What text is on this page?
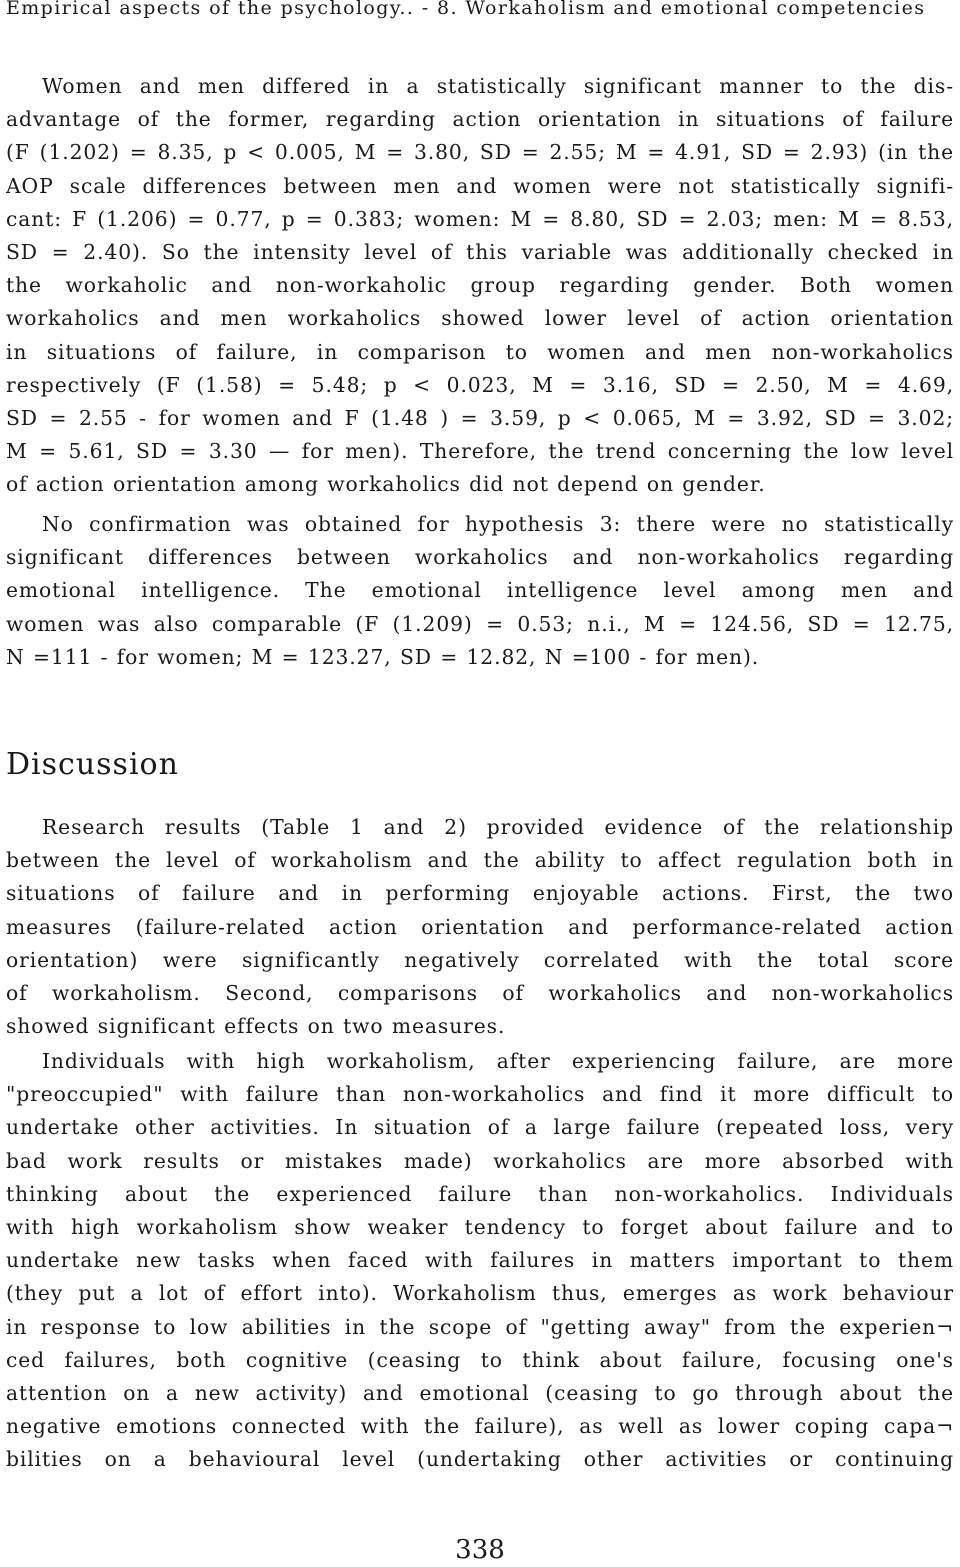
Empirical aspects of the psychology.. - 8. Workaholism and emotional competencies
Women and men differed in a statistically significant manner to the dis-
advantage of the former, regarding action orientation in situations of failure
(F (1.202) = 8.35, p < 0.005, M = 3.80, SD = 2.55; M = 4.91, SD = 2.93) (in the
AOP scale differences between men and women were not statistically signifi-
cant: F (1.206) = 0.77, p = 0.383; women: M = 8.80, SD = 2.03; men: M = 8.53,
SD = 2.40). So the intensity level of this variable was additionally checked in
the workaholic and non-workaholic group regarding gender. Both women
workaholics and men workaholics showed lower level of action orientation
in situations of failure, in comparison to women and men non-workaholics
respectively (F (1.58) = 5.48; p < 0.023, M = 3.16, SD = 2.50, M = 4.69,
SD = 2.55 - for women and F (1.48 ) = 3.59, p < 0.065, M = 3.92, SD = 3.02;
M = 5.61, SD = 3.30 — for men). Therefore, the trend concerning the low level
of action orientation among workaholics did not depend on gender.
No confirmation was obtained for hypothesis 3: there were no statistically
significant differences between workaholics and non-workaholics regarding
emotional intelligence. The emotional intelligence level among men and
women was also comparable (F (1.209) = 0.53; n.i., M = 124.56, SD = 12.75,
N =111 - for women; M = 123.27, SD = 12.82, N =100 - for men).
Discussion
Research results (Table 1 and 2) provided evidence of the relationship
between the level of workaholism and the ability to affect regulation both in
situations of failure and in performing enjoyable actions. First, the two
measures (failure-related action orientation and performance-related action
orientation) were significantly negatively correlated with the total score
of workaholism. Second, comparisons of workaholics and non-workaholics
showed significant effects on two measures.
Individuals with high workaholism, after experiencing failure, are more
"preoccupied" with failure than non-workaholics and find it more difficult to
undertake other activities. In situation of a large failure (repeated loss, very
bad work results or mistakes made) workaholics are more absorbed with
thinking about the experienced failure than non-workaholics. Individuals
with high workaholism show weaker tendency to forget about failure and to
undertake new tasks when faced with failures in matters important to them
(they put a lot of effort into). Workaholism thus, emerges as work behaviour
in response to low abilities in the scope of "getting away" from the experien¬
ced failures, both cognitive (ceasing to think about failure, focusing one's
attention on a new activity) and emotional (ceasing to go through about the
negative emotions connected with the failure), as well as lower coping capa¬
bilities on a behavioural level (undertaking other activities or continuing
338
